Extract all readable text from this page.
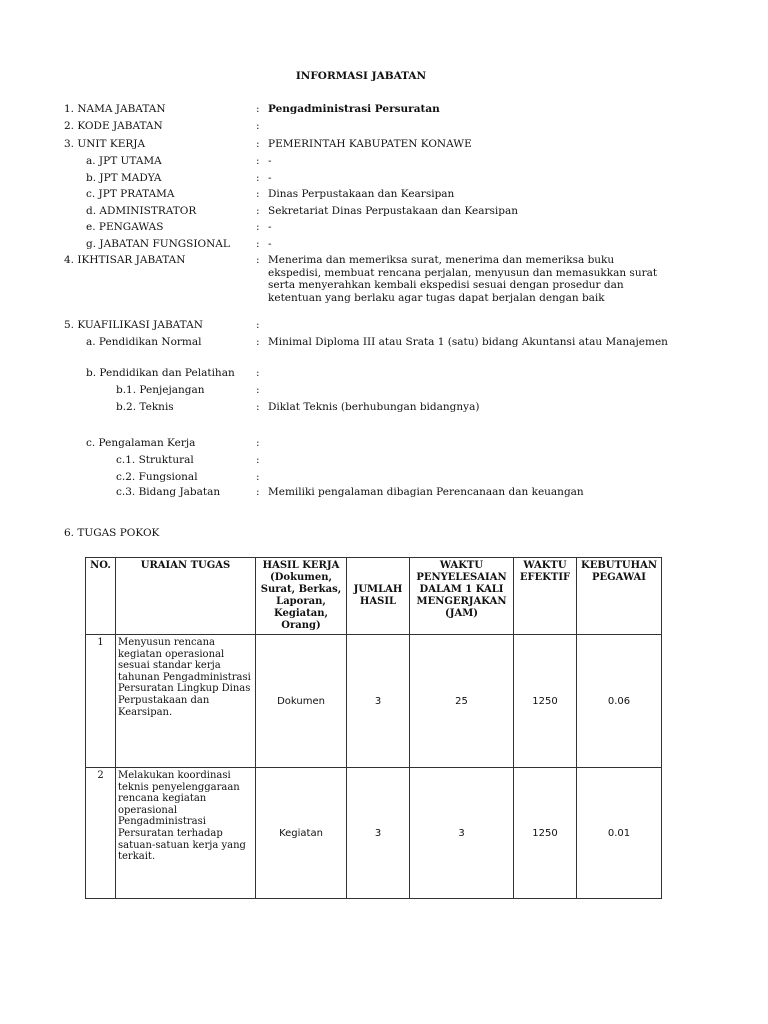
INFORMASI JABATAN
1. NAMA JABATAN	: Pengadministrasi Persuratan
2. KODE JABATAN	:
3. UNIT KERJA	: PEMERINTAH KABUPATEN KONAWE
a. JPT UTAMA	: -
b. JPT MADYA	: -
c. JPT PRATAMA	: Dinas Perpustakaan dan Kearsipan
d. ADMINISTRATOR	: Sekretariat Dinas Perpustakaan dan Kearsipan
e. PENGAWAS	: -
g. JABATAN FUNGSIONAL : -
4. IKHTISAR JABATAN	: Menerima dan memeriksa surat, menerima dan memeriksa buku ekspedisi, membuat rencana perjalan, menyusun dan memasukkan surat serta menyerahkan kembali ekspedisi sesuai dengan prosedur dan ketentuan yang berlaku agar tugas dapat berjalan dengan baik
5. KUAFILIKASI JABATAN	:
a. Pendidikan Normal	: Minimal Diploma III atau Srata 1 (satu) bidang Akuntansi atau Manajemen
b. Pendidikan dan Pelatihan :
b.1. Penjejangan	:
b.2. Teknis	: Diklat Teknis (berhubungan bidangnya)
c. Pengalaman Kerja	:
c.1. Struktural	:
c.2. Fungsional	:
c.3. Bidang Jabatan	: Memiliki pengalaman dibagian Perencanaan dan keuangan
6. TUGAS POKOK
NO.	URAIAN TUGAS	HASIL KERJA (Dokumen, Surat, Berkas, Laporan, Kegiatan, Orang)	JUMLAH HASIL	WAKTU PENYELESAIAN DALAM 1 KALI MENGERJAKAN (JAM)	WAKTU EFEKTIF	KEBUTUHAN PEGAWAI
1	Menyusun rencana kegiatan operasional sesuai standar kerja tahunan Pengadministrasi Persuratan Lingkup Dinas Perpustakaan dan Kearsipan.	Dokumen	3	25	1250	0.06
2	Melakukan koordinasi teknis penyelenggaraan rencana kegiatan operasional Pengadministrasi Persuratan terhadap satuan-satuan kerja yang terkait.	Kegiatan	3	3	1250	0.01
